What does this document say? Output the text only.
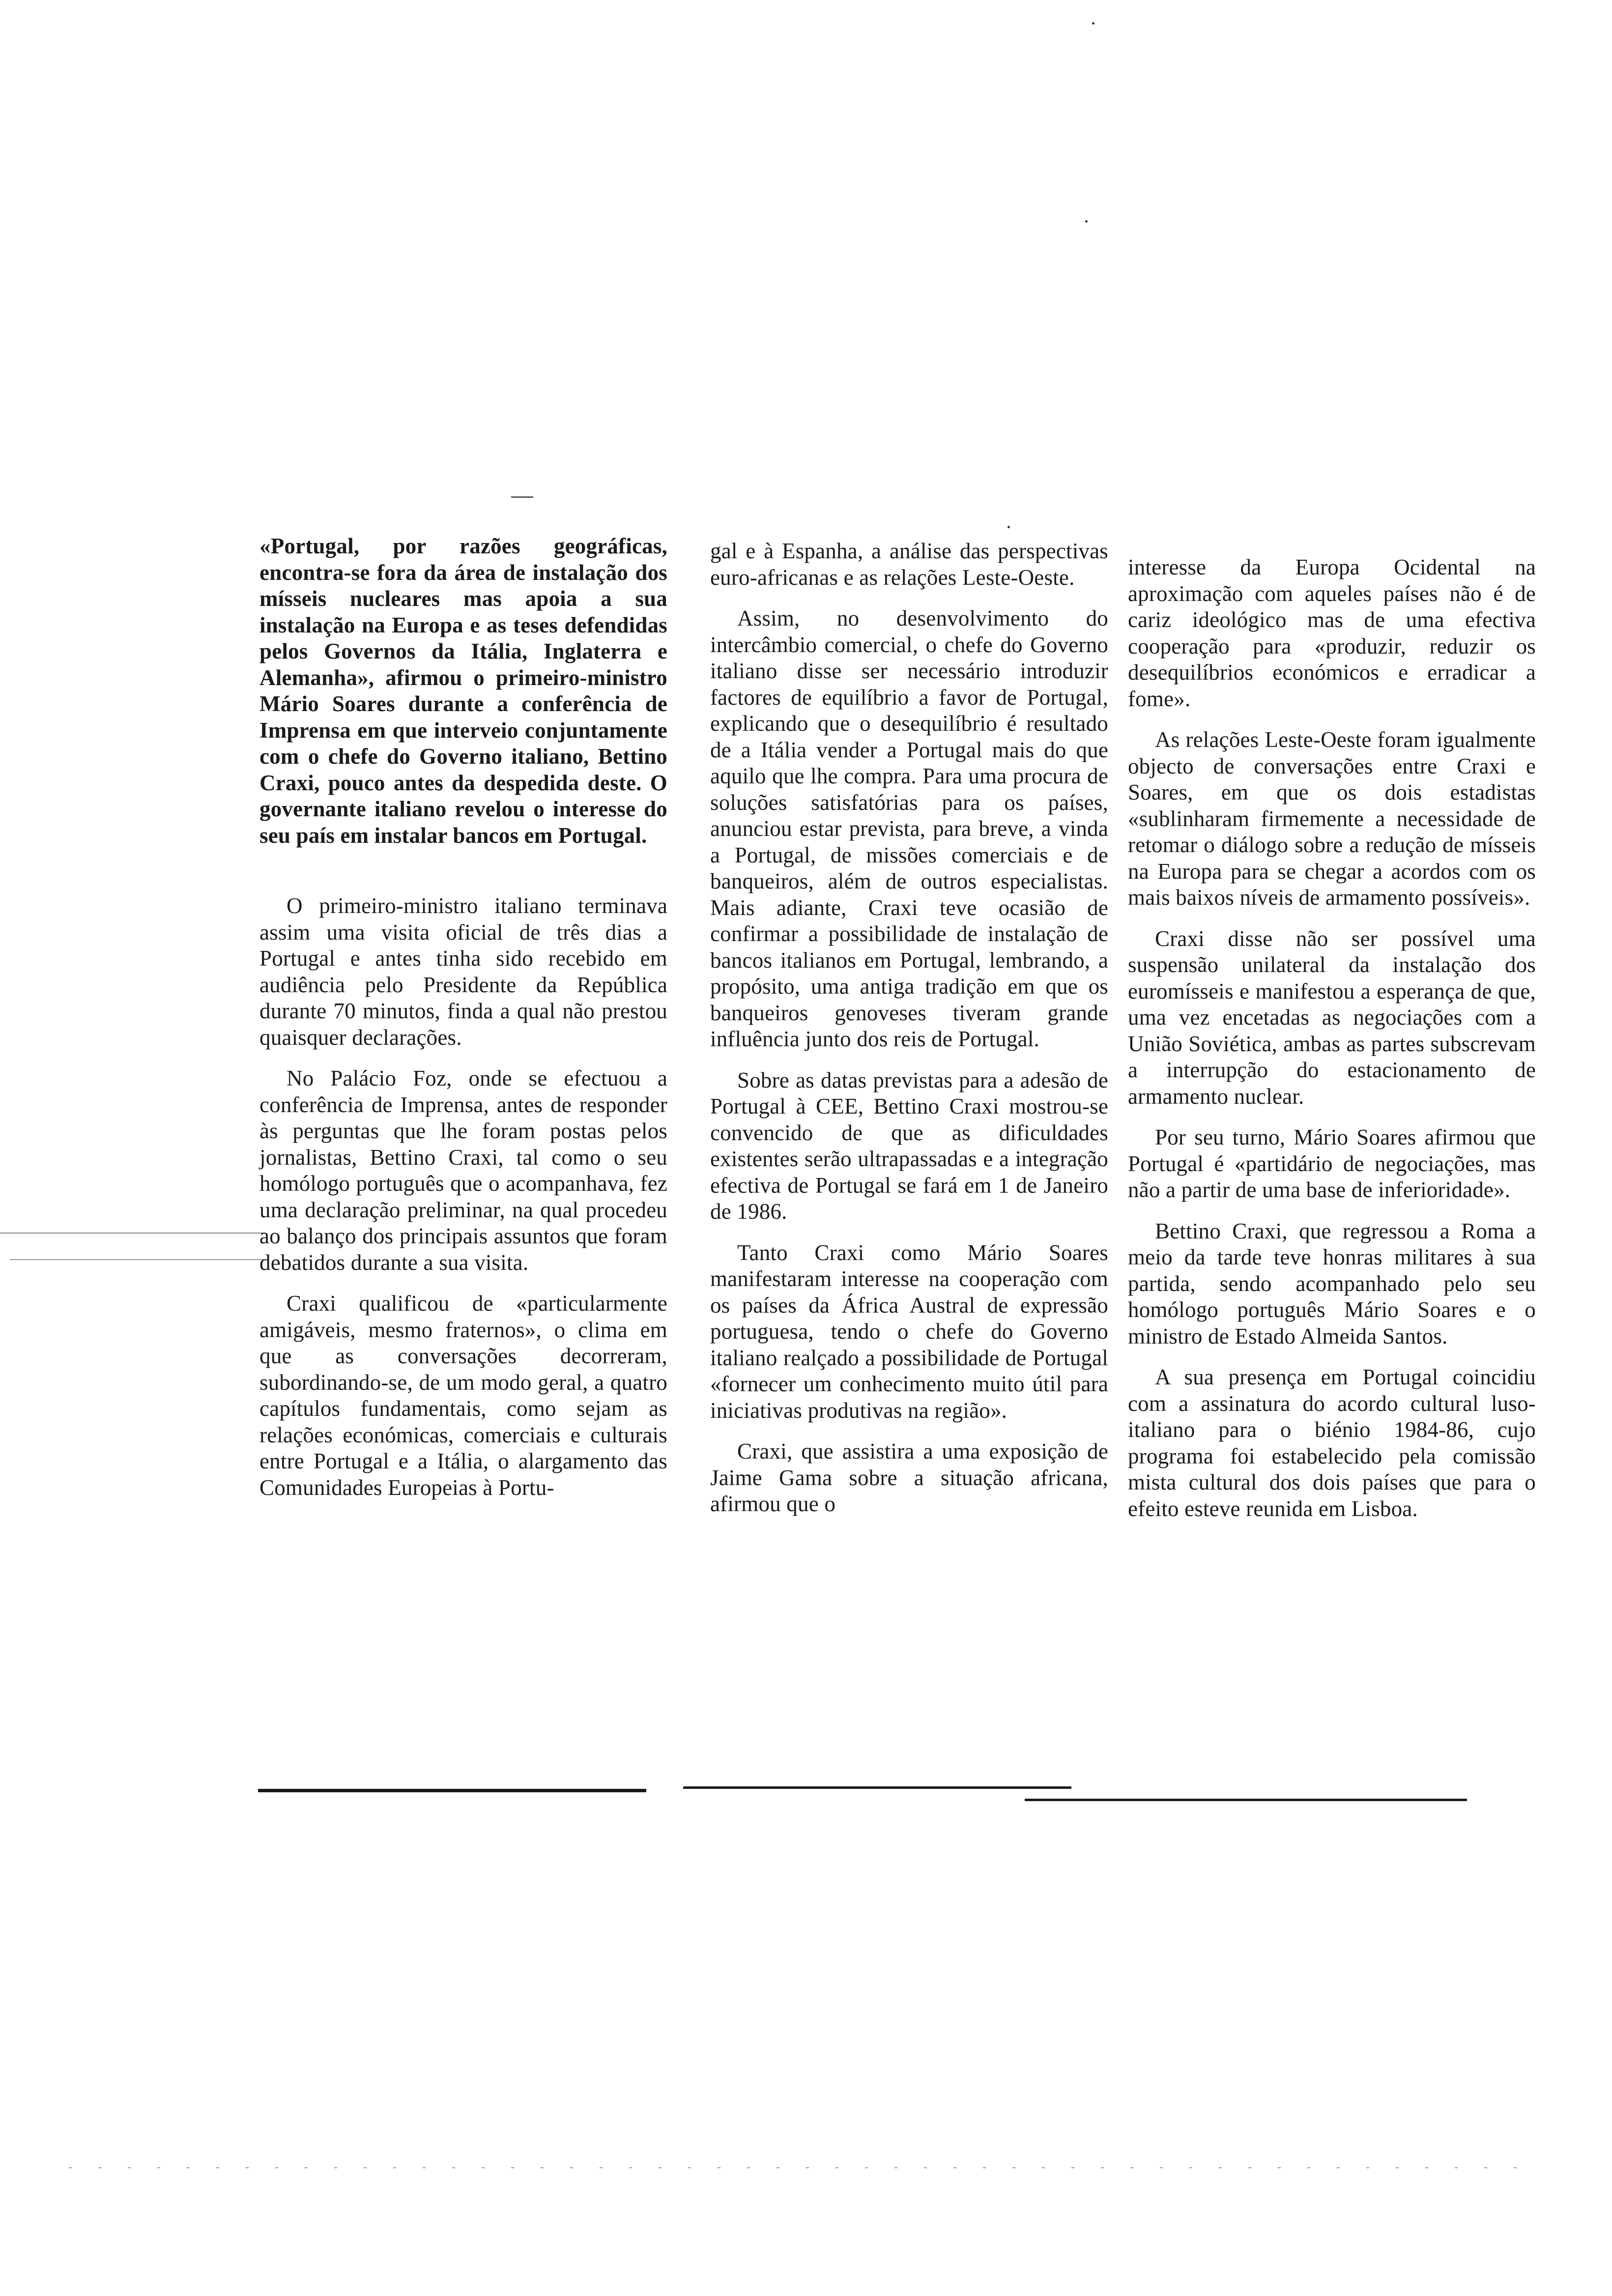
«Portugal, por razões geográficas, encontra-se fora da área de instalação dos mísseis nucleares mas apoia a sua instalação na Europa e as teses defendidas pelos Governos da Itália, Inglaterra e Alemanha», afirmou o primeiro-ministro Mário Soares durante a conferência de Imprensa em que interveio conjuntamente com o chefe do Governo italiano, Bettino Craxi, pouco antes da despedida deste. O governante italiano revelou o interesse do seu país em instalar bancos em Portugal.

O primeiro-ministro italiano terminava assim uma visita oficial de três dias a Portugal e antes tinha sido recebido em audiência pelo Presidente da República durante 70 minutos, finda a qual não prestou quaisquer declarações.

No Palácio Foz, onde se efectuou a conferência de Imprensa, antes de responder às perguntas que lhe foram postas pelos jornalistas, Bettino Craxi, tal como o seu homólogo português que o acompanhava, fez uma declaração preliminar, na qual procedeu ao balanço dos principais assuntos que foram debatidos durante a sua visita.

Craxi qualificou de «particularmente amigáveis, mesmo fraternos», o clima em que as conversações decorreram, subordinando-se, de um modo geral, a quatro capítulos fundamentais, como sejam as relações económicas, comerciais e culturais entre Portugal e a Itália, o alargamento das Comunidades Europeias à Portu-

gal e à Espanha, a análise das perspectivas euro-africanas e as relações Leste-Oeste.

Assim, no desenvolvimento do intercâmbio comercial, o chefe do Governo italiano disse ser necessário introduzir factores de equilíbrio a favor de Portugal, explicando que o desequilíbrio é resultado de a Itália vender a Portugal mais do que aquilo que lhe compra. Para uma procura de soluções satisfatórias para os países, anunciou estar prevista, para breve, a vinda a Portugal, de missões comerciais e de banqueiros, além de outros especialistas. Mais adiante, Craxi teve ocasião de confirmar a possibilidade de instalação de bancos italianos em Portugal, lembrando, a propósito, uma antiga tradição em que os banqueiros genoveses tiveram grande influência junto dos reis de Portugal.

Sobre as datas previstas para a adesão de Portugal à CEE, Bettino Craxi mostrou-se convencido de que as dificuldades existentes serão ultrapassadas e a integração efectiva de Portugal se fará em 1 de Janeiro de 1986.

Tanto Craxi como Mário Soares manifestaram interesse na cooperação com os países da África Austral de expressão portuguesa, tendo o chefe do Governo italiano realçado a possibilidade de Portugal «fornecer um conhecimento muito útil para iniciativas produtivas na região».

Craxi, que assistira a uma exposição de Jaime Gama sobre a situação africana, afirmou que o

interesse da Europa Ocidental na aproximação com aqueles países não é de cariz ideológico mas de uma efectiva cooperação para «produzir, reduzir os desequilíbrios económicos e erradicar a fome».

As relações Leste-Oeste foram igualmente objecto de conversações entre Craxi e Soares, em que os dois estadistas «sublinharam firmemente a necessidade de retomar o diálogo sobre a redução de mísseis na Europa para se chegar a acordos com os mais baixos níveis de armamento possíveis».

Craxi disse não ser possível uma suspensão unilateral da instalação dos euromísseis e manifestou a esperança de que, uma vez encetadas as negociações com a União Soviética, ambas as partes subscrevam a interrupção do estacionamento de armamento nuclear.

Por seu turno, Mário Soares afirmou que Portugal é «partidário de negociações, mas não a partir de uma base de inferioridade».

Bettino Craxi, que regressou a Roma a meio da tarde teve honras militares à sua partida, sendo acompanhado pelo seu homólogo português Mário Soares e o ministro de Estado Almeida Santos.

A sua presença em Portugal coincidiu com a assinatura do acordo cultural luso-italiano para o biénio 1984-86, cujo programa foi estabelecido pela comissão mista cultural dos dois países que para o efeito esteve reunida em Lisboa.
